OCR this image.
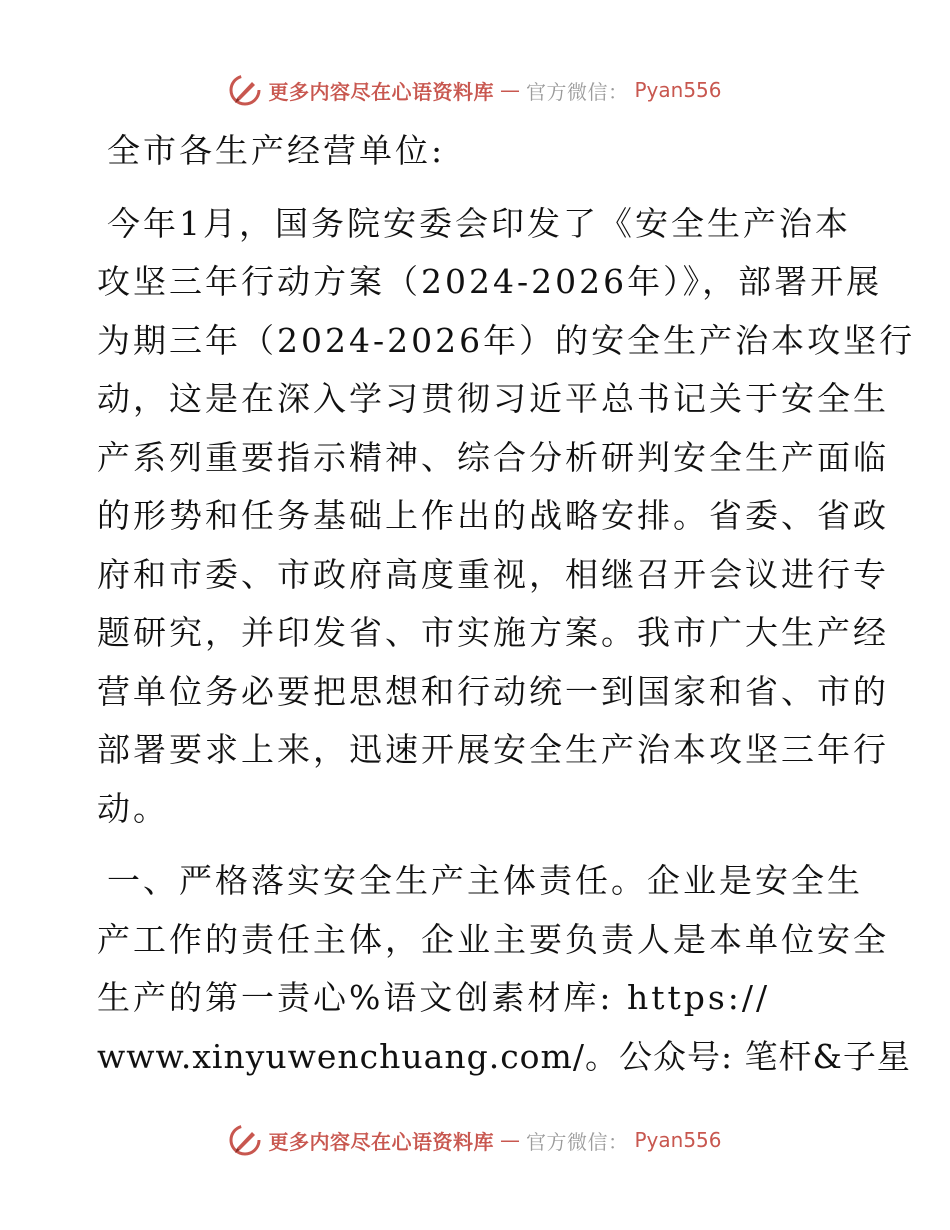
更多内容尽在心语资料库 — 官方微信： Pyan556
全市各生产经营单位:
今年1月，国务院安委会印发了《安全生产治本
攻坚三年行动方案（2024-2026年）》，部署开展
为期三年（2024-2026年）的安全生产治本攻坚行
动，这是在深入学习贯彻习近平总书记关于安全生
产系列重要指示精神、综合分析研判安全生产面临
的形势和任务基础上作出的战略安排。省委、省政
府和市委、市政府高度重视，相继召开会议进行专
题研究，并印发省、市实施方案。我市广大生产经
营单位务必要把思想和行动统一到国家和省、市的
部署要求上来，迅速开展安全生产治本攻坚三年行
动。
一、严格落实安全生产主体责任。企业是安全生
产工作的责任主体，企业主要负责人是本单位安全
生产的第一责心%语文创素材库: https://
www.xinyuwenchuang.com/。公众号: 笔杆&子星
更多内容尽在心语资料库 — 官方微信： Pyan556
